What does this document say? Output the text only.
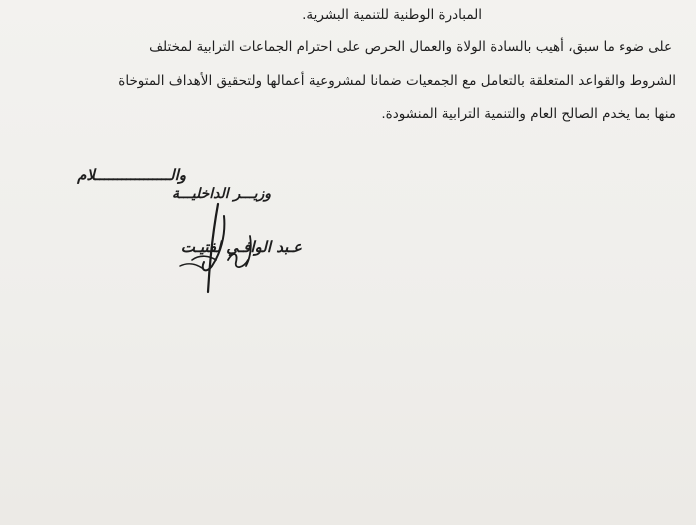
المبادرة الوطنية للتنمية البشرية.
على ضوء ما سبق، أهيب بالسادة الولاة والعمال الحرص على احترام الجماعات الترابية لمختلف
الشروط والقواعد المتعلقة بالتعامل مع الجمعيات ضمانا لمشروعية أعمالها ولتحقيق الأهداف المتوخاة
منها بما يخدم الصالح العام والتنمية الترابية المنشودة.
والـــــــــــــــــلام
وزيـــر الداخليـــة
عـبد الوافـي لفتيـت
